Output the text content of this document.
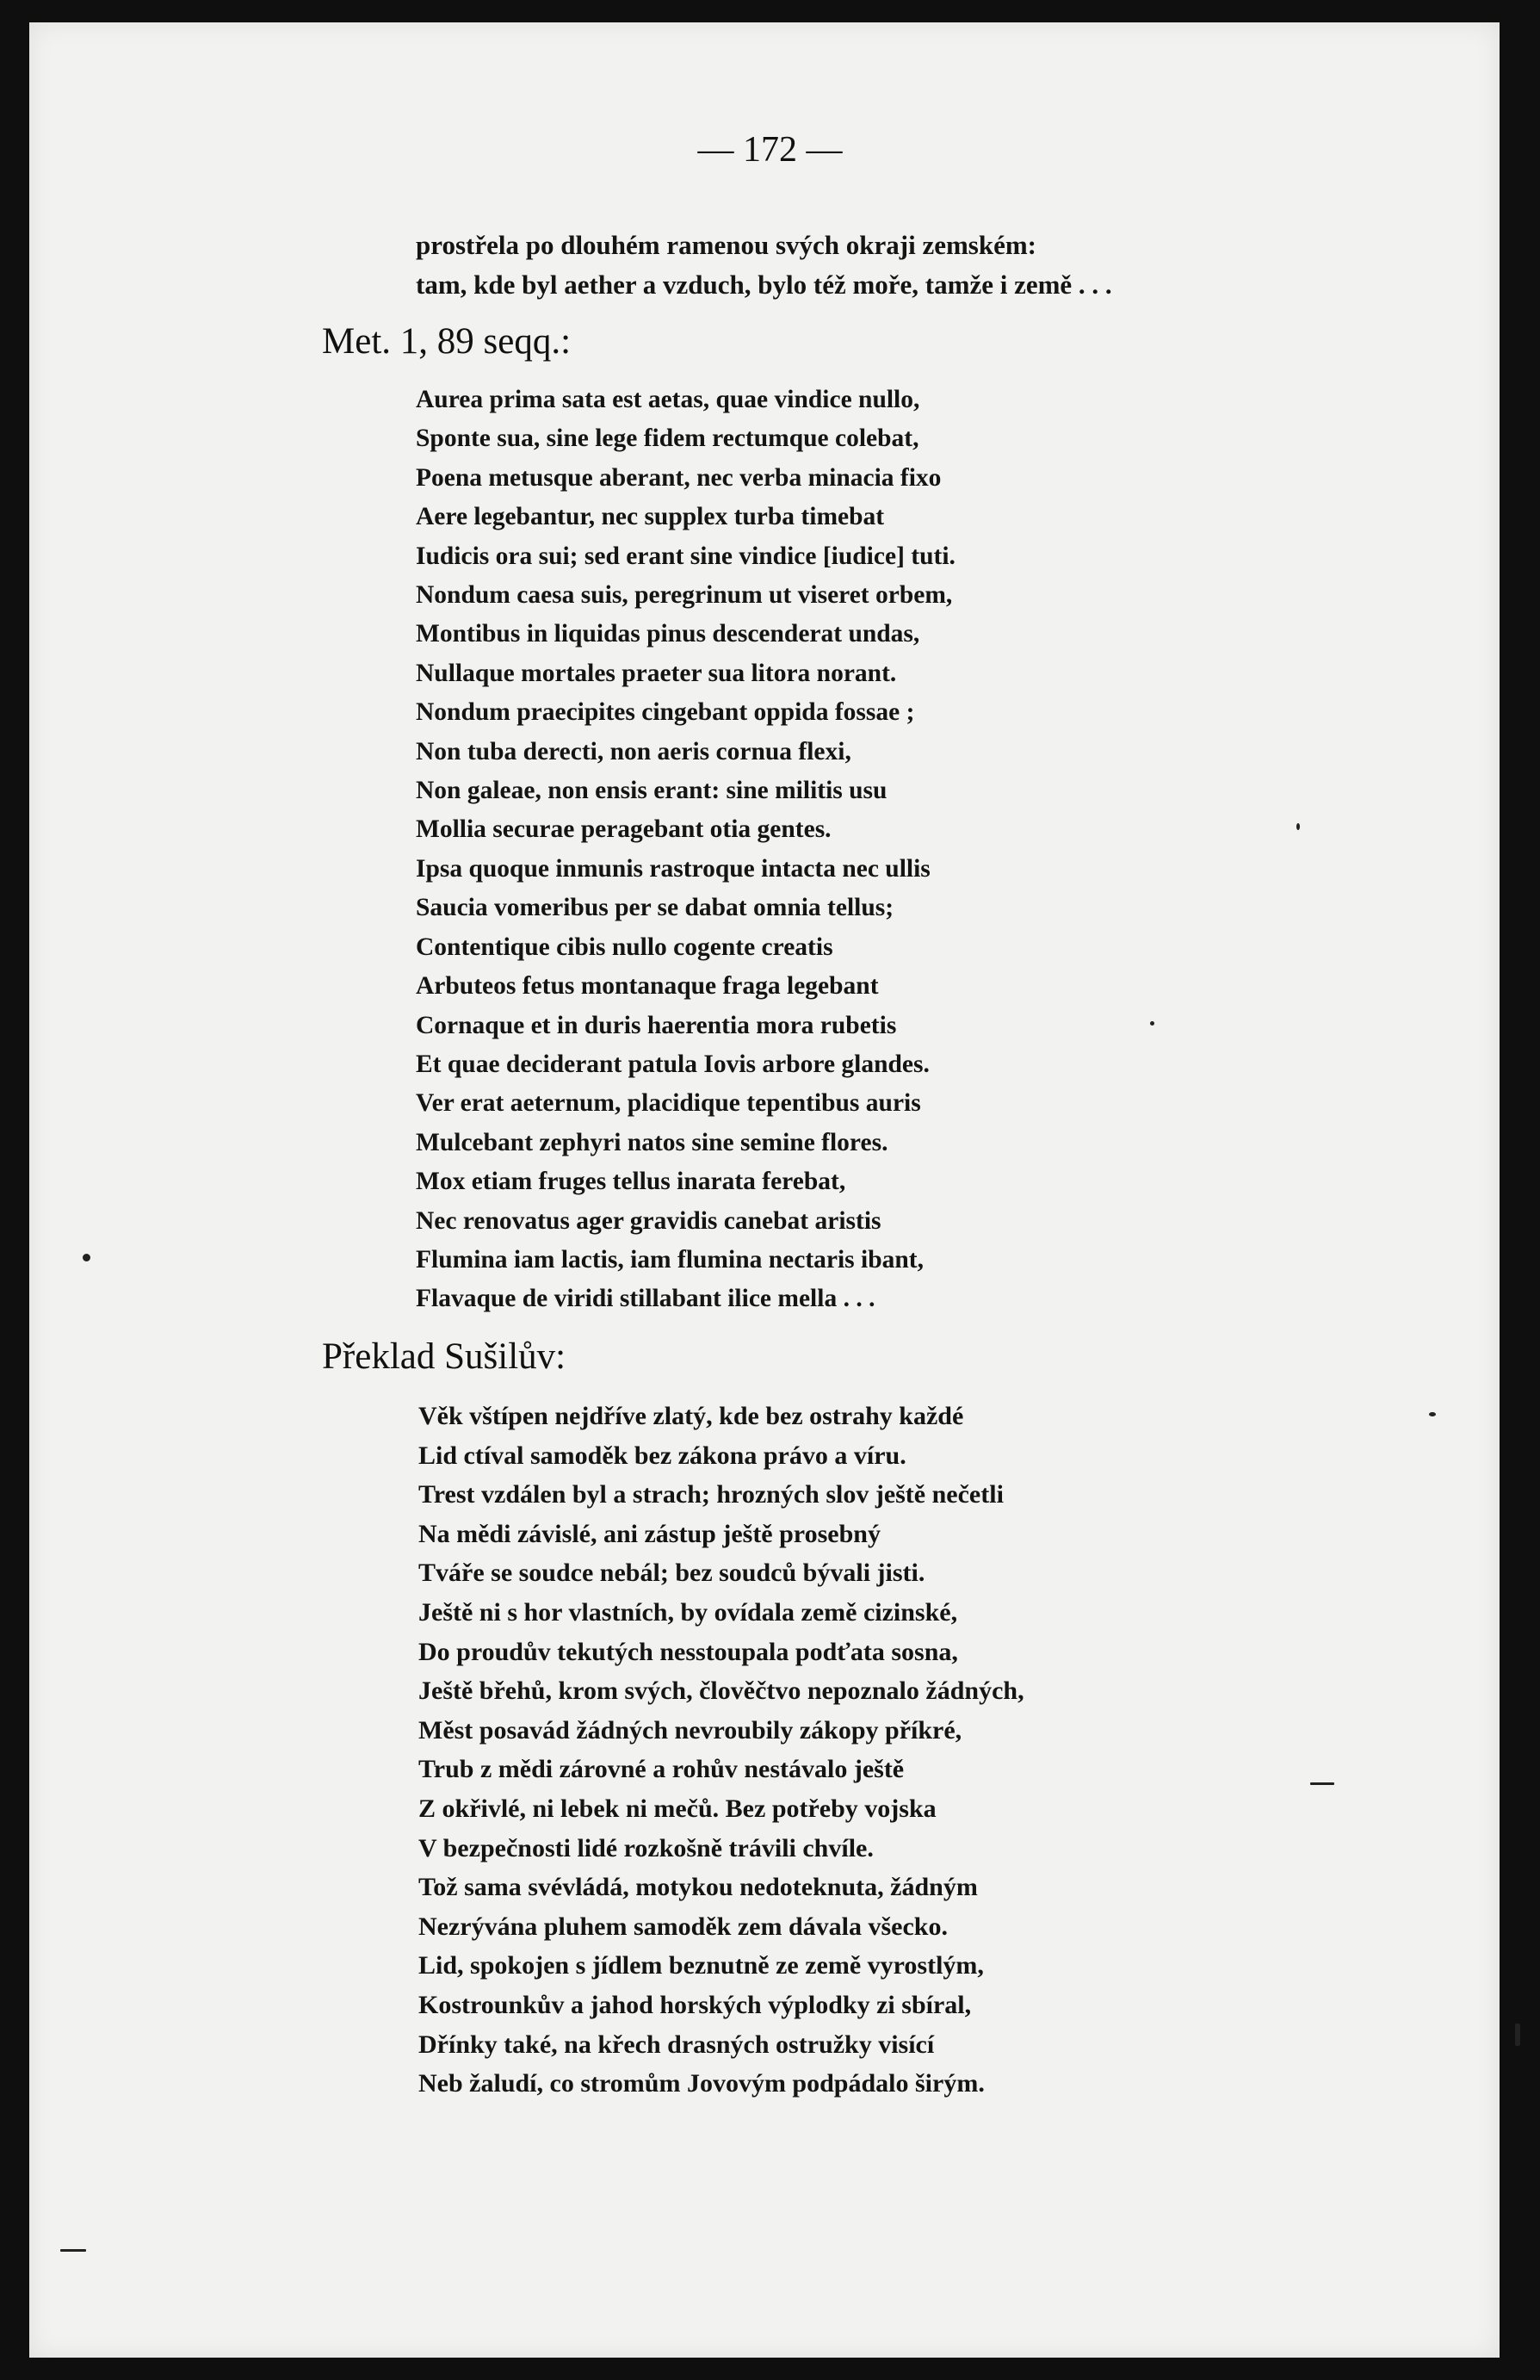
— 172 —
prostřela po dlouhém ramenou svých okraji zemském:
tam, kde byl aether a vzduch, bylo též moře, tamže i země . . .
Met. 1, 89 seqq.:
Aurea prima sata est aetas, quae vindice nullo,
Sponte sua, sine lege fidem rectumque colebat,
Poena metusque aberant, nec verba minacia fixo
Aere legebantur, nec supplex turba timebat
Iudicis ora sui; sed erant sine vindice [iudice] tuti.
Nondum caesa suis, peregrinum ut viseret orbem,
Montibus in liquidas pinus descenderat undas,
Nullaque mortales praeter sua litora norant.
Nondum praecipites cingebant oppida fossae ;
Non tuba derecti, non aeris cornua flexi,
Non galeae, non ensis erant: sine militis usu
Mollia securae peragebant otia gentes.
Ipsa quoque inmunis rastroque intacta nec ullis
Saucia vomeribus per se dabat omnia tellus;
Contentique cibis nullo cogente creatis
Arbuteos fetus montanaque fraga legebant
Cornaque et in duris haerentia mora rubetis
Et quae deciderant patula Iovis arbore glandes.
Ver erat aeternum, placidique tepentibus auris
Mulcebant zephyri natos sine semine flores.
Mox etiam fruges tellus inarata ferebat,
Nec renovatus ager gravidis canebat aristis
Flumina iam lactis, iam flumina nectaris ibant,
Flavaque de viridi stillabant ilice mella . . .
Překlad Sušilův:
Věk vštípen nejdříve zlatý, kde bez ostrahy každé
Lid ctíval samoděk bez zákona právo a víru.
Trest vzdálen byl a strach; hrozných slov ještě nečetli
Na mědi závislé, ani zástup ještě prosebný
Tváře se soudce nebál; bez soudců bývali jisti.
Ještě ni s hor vlastních, by ovídala země cizinské,
Do proudův tekutých nesstoupala podťata sosna,
Ještě břehů, krom svých, člověčtvo nepoznalo žádných,
Měst posavád žádných nevroubily zákopy příkré,
Trub z mědi zárovné a rohův nestávalo ještě
Z okřivlé, ni lebek ni mečů. Bez potřeby vojska
V bezpečnosti lidé rozkošně trávili chvíle.
Tož sama svévládá, motykou nedoteknuta, žádným
Nezrývána pluhem samoděk zem dávala všecko.
Lid, spokojen s jídlem beznutně ze země vyrostlým,
Kostrounkův a jahod horských výplodky zi sbíral,
Dřínky také, na křech drasných ostružky visící
Neb žaludí, co stromům Jovovým podpádalo širým.
